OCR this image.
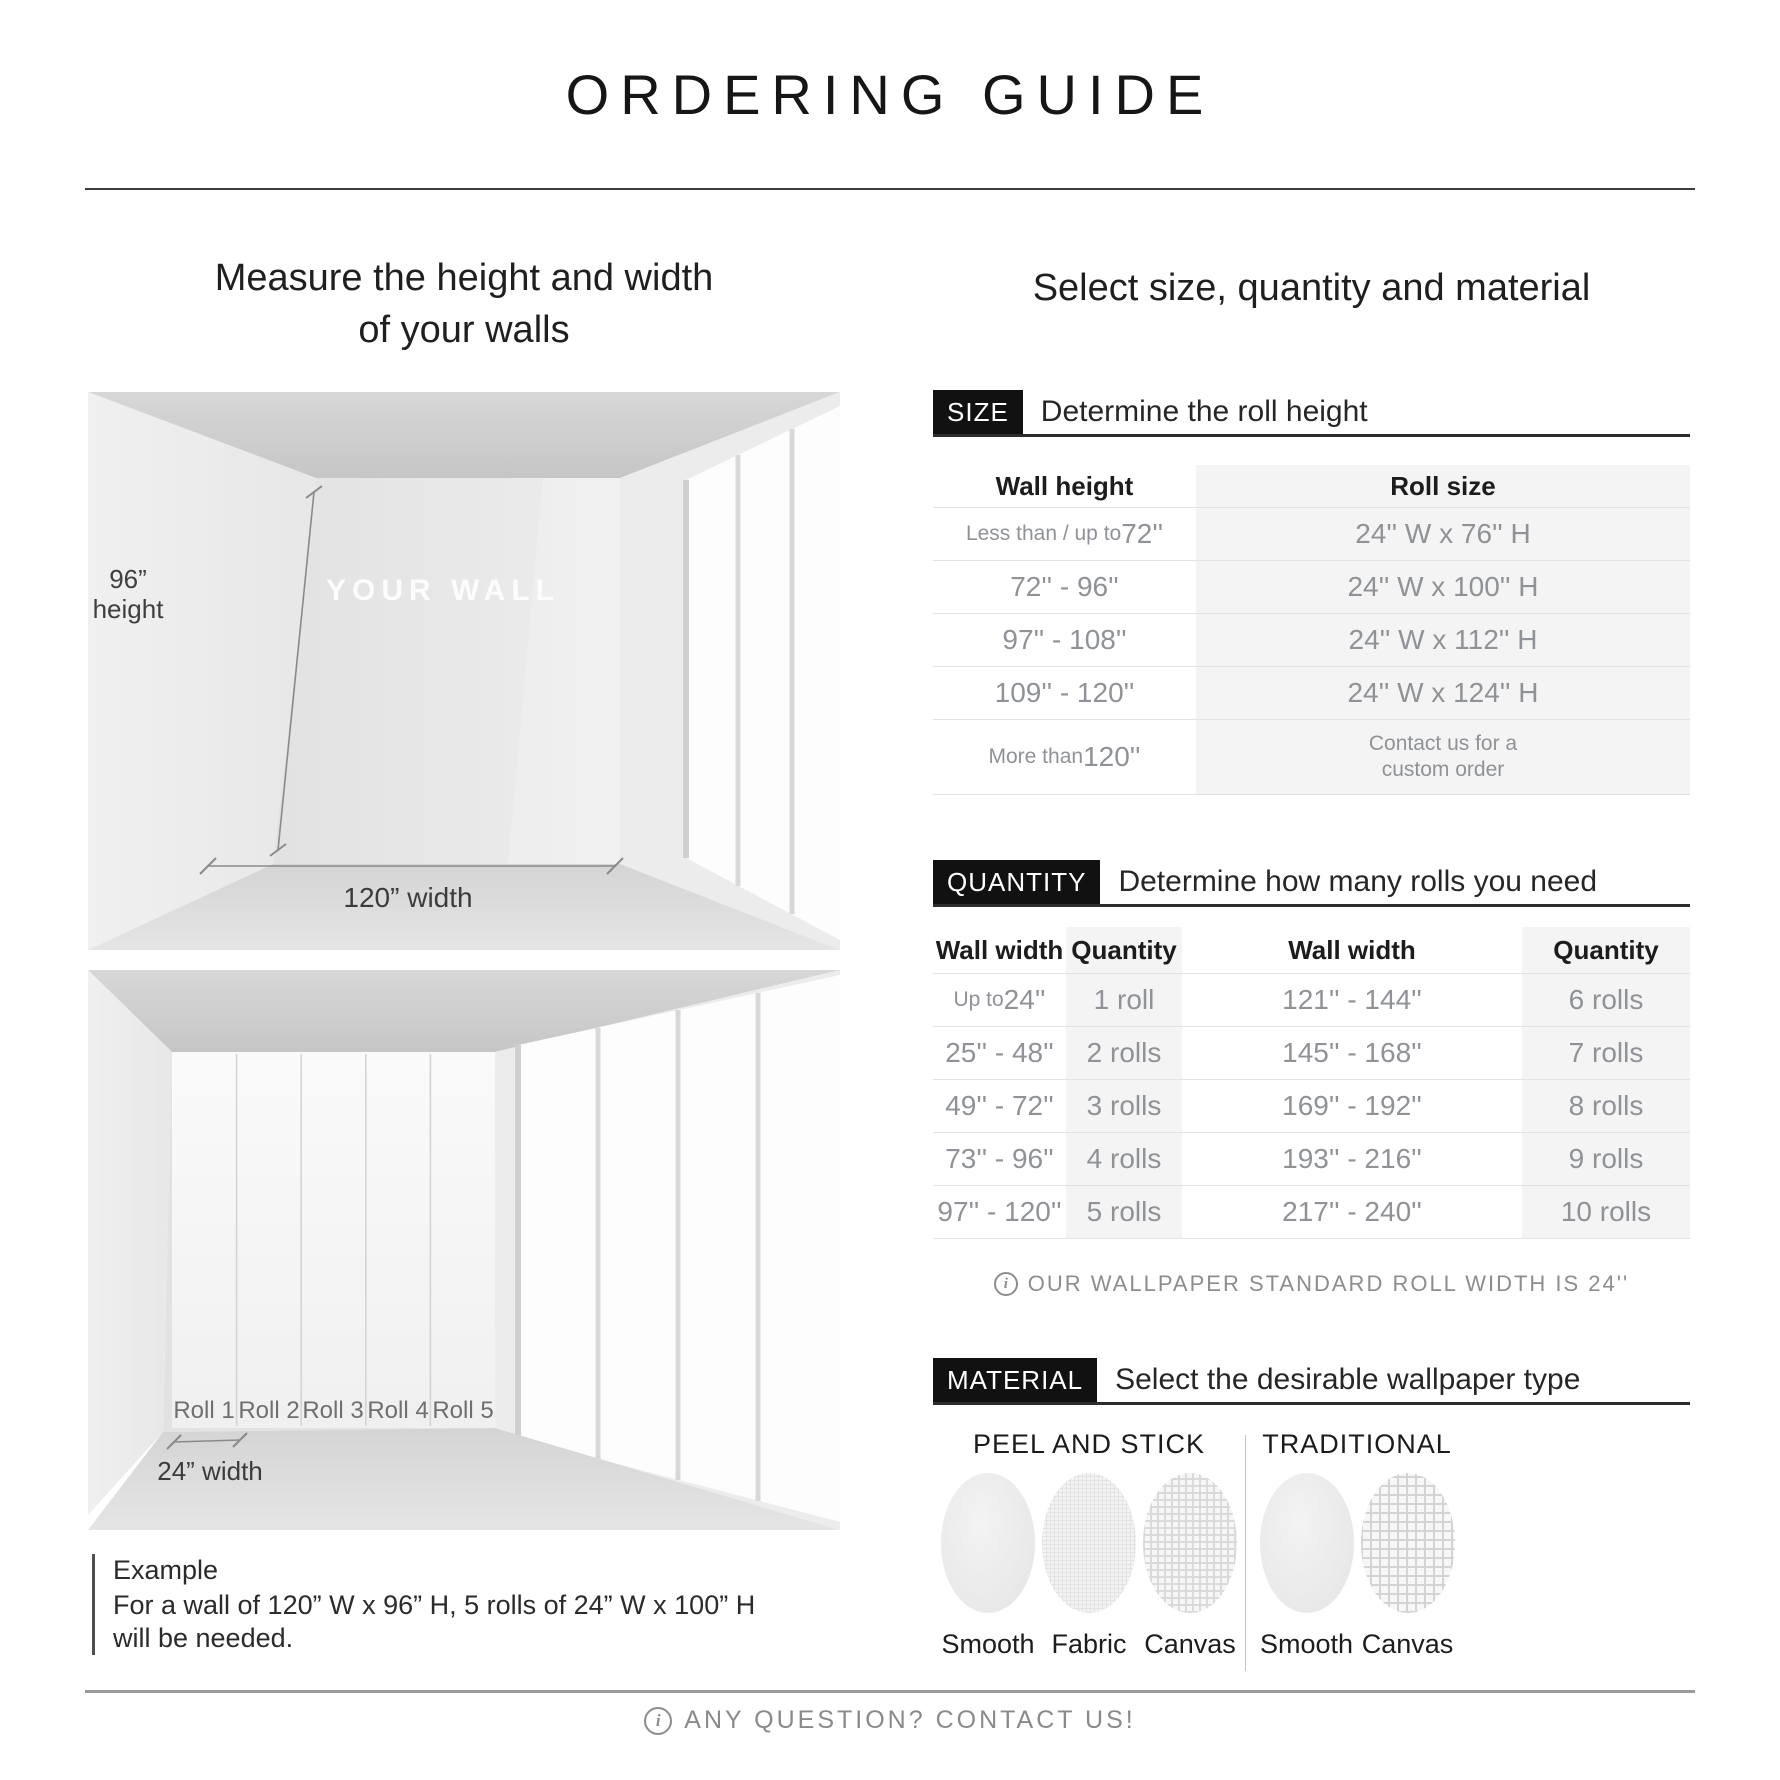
ORDERING GUIDE
Measure the height and width
of your walls
Select size, quantity and material
YOUR WALL
96”
height
120” width
Roll 1 Roll 2 Roll 3 Roll 4 Roll 5
24” width
Example
For a wall of 120” W x 96” H, 5 rolls of 24” W x 100” H
will be needed.
SIZE	Determine the roll height
Wall height	Roll size
Less than / up to 72''	24'' W x 76'' H
72'' - 96''	24'' W x 100'' H
97'' - 108''	24'' W x 112'' H
109'' - 120''	24'' W x 124'' H
More than 120''	Contact us for a custom order
QUANTITY	Determine how many rolls you need
Wall width Quantity	Wall width	Quantity
Up to 24''	1 roll	121'' - 144''	6 rolls
25'' - 48''	2 rolls	145'' - 168''	7 rolls
49'' - 72''	3 rolls	169'' - 192''	8 rolls
73'' - 96''	4 rolls	193'' - 216''	9 rolls
97'' - 120'' 5 rolls	217'' - 240''	10 rolls
i OUR WALLPAPER STANDARD ROLL WIDTH IS 24''
MATERIAL	Select the desirable wallpaper type
PEEL AND STICK
Smooth Fabric Canvas
TRADITIONAL
Smooth Canvas
i ANY QUESTION? CONTACT US!
